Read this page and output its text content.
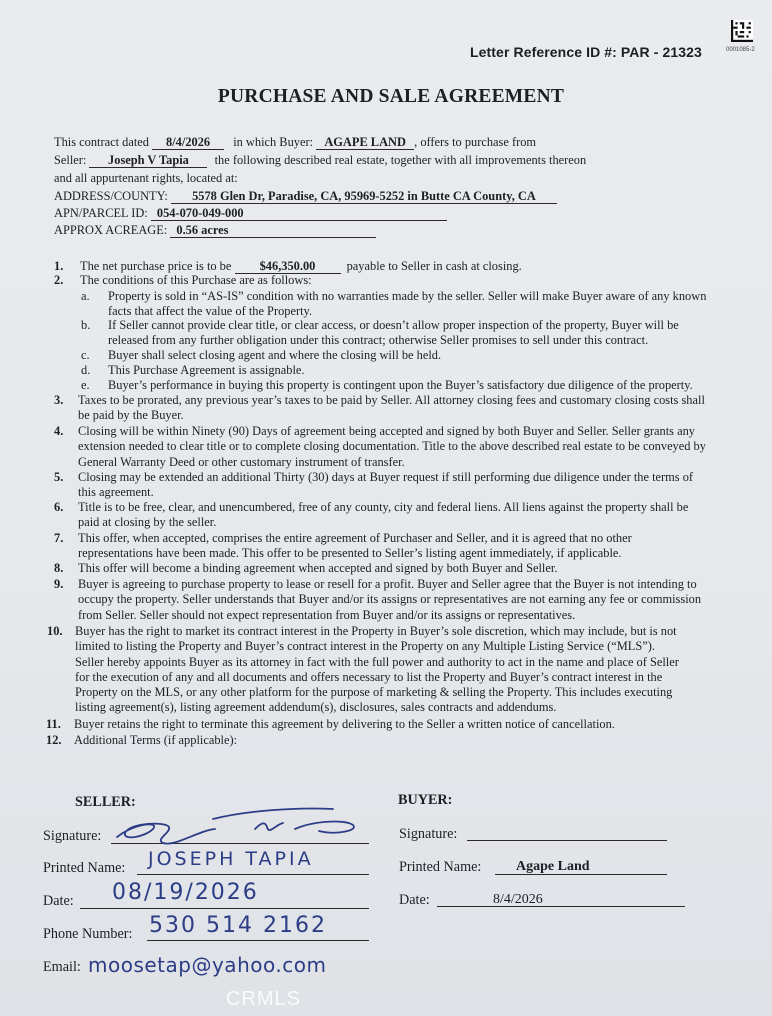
0001085-2
Letter Reference ID #: PAR - 21323
PURCHASE AND SALE AGREEMENT
This contract dated 8/4/2026 in which Buyer: AGAPE LAND , offers to purchase from
Seller: Joseph V Tapia the following described real estate, together with all improvements thereon
and all appurtenant rights, located at:
ADDRESS/COUNTY: 5578 Glen Dr, Paradise, CA, 95969-5252 in Butte CA County, CA
APN/PARCEL ID: 054-070-049-000
APPROX ACREAGE: 0.56 acres
1. The net purchase price is to be $46,350.00	payable to Seller in cash at closing.
2. The conditions of this Purchase are as follows:
a. Property is sold in “AS-IS” condition with no warranties made by the seller. Seller will make Buyer aware of any known
facts that affect the value of the Property.
b. If Seller cannot provide clear title, or clear access, or doesn’t allow proper inspection of the property, Buyer will be
released from any further obligation under this contract; otherwise Seller promises to sell under this contract.
c. Buyer shall select closing agent and where the closing will be held.
d. This Purchase Agreement is assignable.
e. Buyer’s performance in buying this property is contingent upon the Buyer’s satisfactory due diligence of the property.
3. Taxes to be prorated, any previous year’s taxes to be paid by Seller. All attorney closing fees and customary closing costs shall
be paid by the Buyer.
4. Closing will be within Ninety (90) Days of agreement being accepted and signed by both Buyer and Seller. Seller grants any
extension needed to clear title or to complete closing documentation. Title to the above described real estate to be conveyed by
General Warranty Deed or other customary instrument of transfer.
5. Closing may be extended an additional Thirty (30) days at Buyer request if still performing due diligence under the terms of
this agreement.
6. Title is to be free, clear, and unencumbered, free of any county, city and federal liens. All liens against the property shall be
paid at closing by the seller.
7. This offer, when accepted, comprises the entire agreement of Purchaser and Seller, and it is agreed that no other
representations have been made. This offer to be presented to Seller’s listing agent immediately, if applicable.
8. This offer will become a binding agreement when accepted and signed by both Buyer and Seller.
9. Buyer is agreeing to purchase property to lease or resell for a profit. Buyer and Seller agree that the Buyer is not intending to
occupy the property. Seller understands that Buyer and/or its assigns or representatives are not earning any fee or commission
from Seller. Seller should not expect representation from Buyer and/or its assigns or representatives.
10. Buyer has the right to market its contract interest in the Property in Buyer’s sole discretion, which may include, but is not
limited to listing the Property and Buyer’s contract interest in the Property on any Multiple Listing Service (“MLS”).
Seller hereby appoints Buyer as its attorney in fact with the full power and authority to act in the name and place of Seller
for the execution of any and all documents and offers necessary to list the Property and Buyer’s contract interest in the
Property on the MLS, or any other platform for the purpose of marketing & selling the Property. This includes executing
listing agreement(s), listing agreement addendum(s), disclosures, sales contracts and addendums.
11. Buyer retains the right to terminate this agreement by delivering to the Seller a written notice of cancellation.
12. Additional Terms (if applicable):
SELLER:
Signature:
Printed Name: JOSEPH TAPIA
Date: 08/19/2026
Phone Number: 530 514 2162
Email: moosetap@yahoo.com
BUYER:
Signature:
Printed Name: Agape Land
Date:	8/4/2026
CRMLS
